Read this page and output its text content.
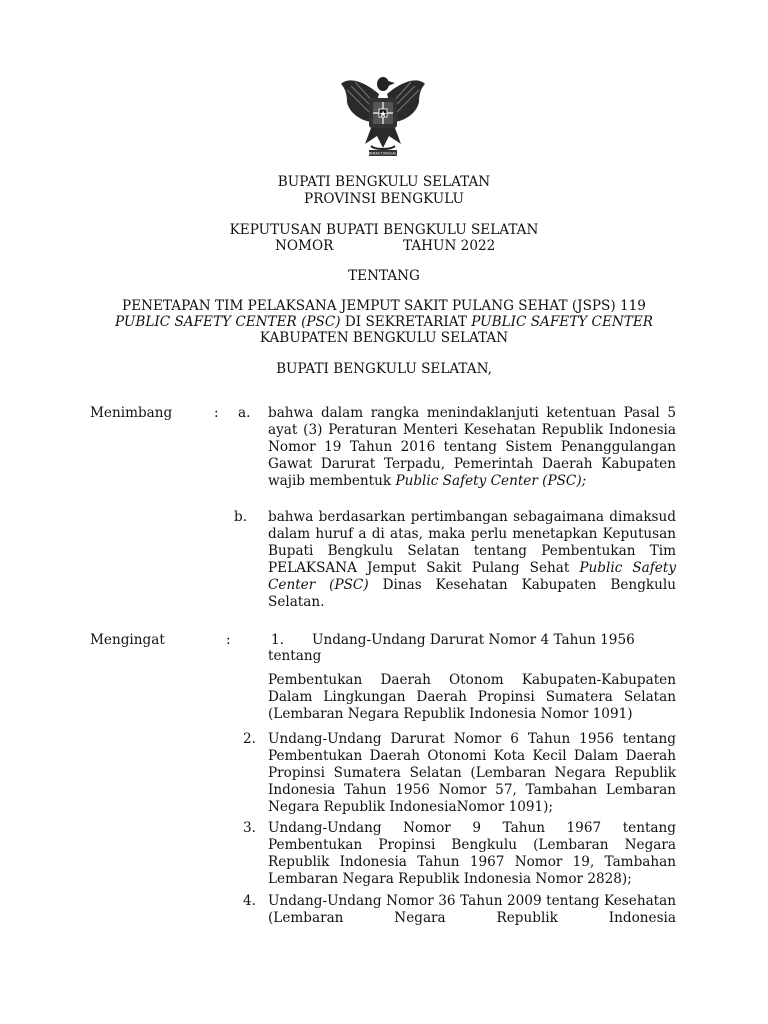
BHINNEKA TUNGGAL IKA
BUPATI BENGKULU SELATAN
PROVINSI BENGKULU
KEPUTUSAN BUPATI BENGKULU SELATAN
NOMOR	TAHUN 2022
TENTANG
PENETAPAN TIM PELAKSANA JEMPUT SAKIT PULANG SEHAT (JSPS) 119
PUBLIC SAFETY CENTER (PSC) DI SEKRETARIAT PUBLIC SAFETY CENTER
KABUPATEN BENGKULU SELATAN
BUPATI BENGKULU SELATAN,
Menimbang	: a. bahwa dalam rangka menindaklanjuti ketentuan Pasal 5 ayat (3) Peraturan Menteri Kesehatan Republik Indonesia Nomor 19 Tahun 2016 tentang Sistem Penanggulangan Gawat Darurat Terpadu, Pemerintah Daerah Kabupaten wajib membentuk Public Safety Center (PSC);
b. bahwa berdasarkan pertimbangan sebagaimana dimaksud dalam huruf a di atas, maka perlu menetapkan Keputusan Bupati Bengkulu Selatan tentang Pembentukan Tim PELAKSANA Jemput Sakit Pulang Sehat Public Safety Center (PSC) Dinas Kesehatan Kabupaten Bengkulu Selatan.
Mengingat	:	1. Undang-Undang Darurat Nomor 4 Tahun 1956
tentang
Pembentukan Daerah Otonom Kabupaten-Kabupaten Dalam Lingkungan Daerah Propinsi Sumatera Selatan (Lembaran Negara Republik Indonesia Nomor 1091)
2. Undang-Undang Darurat Nomor 6 Tahun 1956 tentang Pembentukan Daerah Otonomi Kota Kecil Dalam Daerah Propinsi Sumatera Selatan (Lembaran Negara Republik Indonesia Tahun 1956 Nomor 57, Tambahan Lembaran Negara Republik IndonesiaNomor 1091);
3. Undang-Undang Nomor 9 Tahun 1967 tentang Pembentukan Propinsi Bengkulu (Lembaran Negara Republik Indonesia Tahun 1967 Nomor 19, Tambahan Lembaran Negara Republik Indonesia Nomor 2828);
4. Undang-Undang Nomor 36 Tahun 2009 tentang Kesehatan (Lembaran Negara Republik Indonesia
